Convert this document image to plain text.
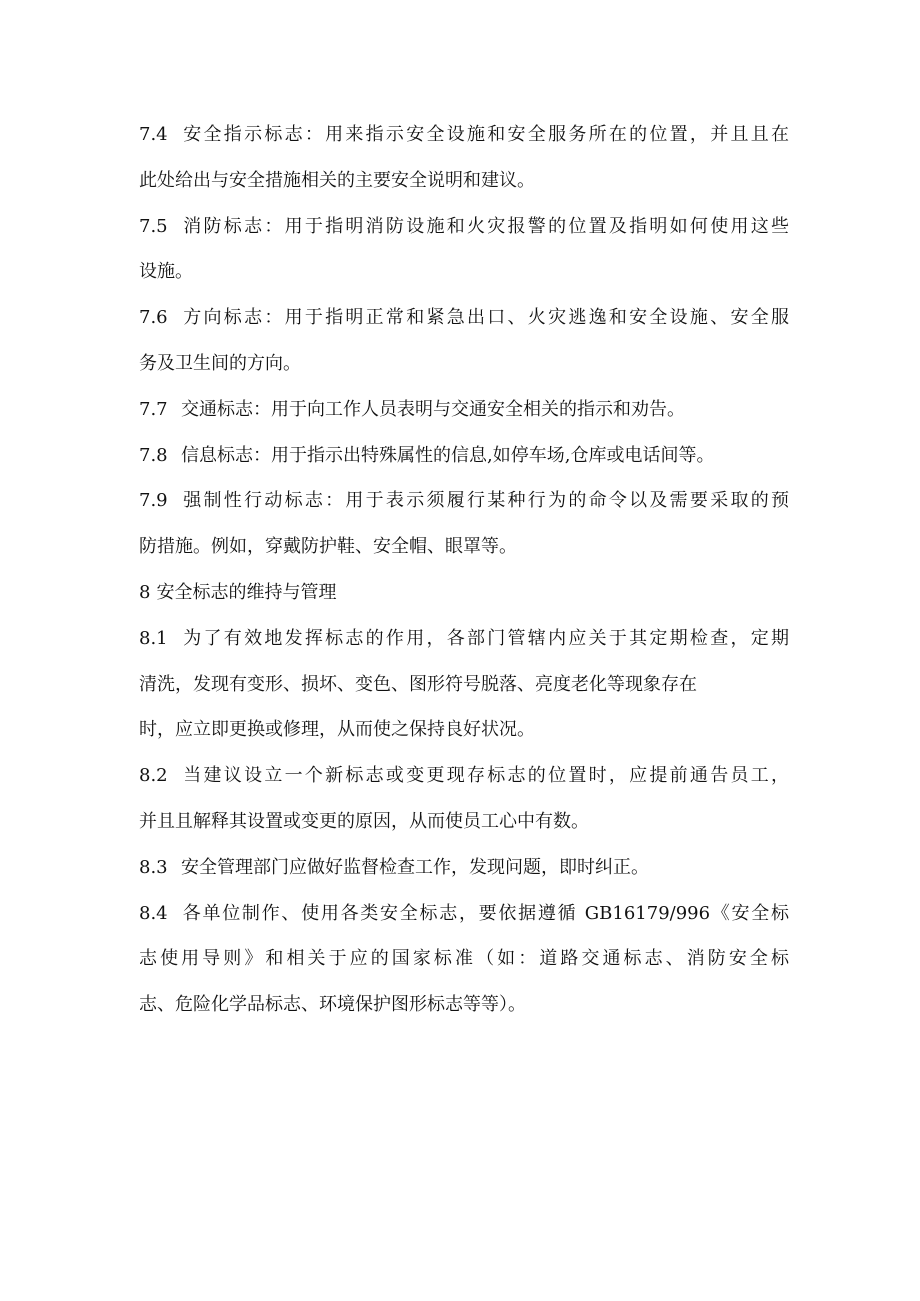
7.4 安全指示标志：用来指示安全设施和安全服务所在的位置，并且且在
此处给出与安全措施相关的主要安全说明和建议。
7.5 消防标志：用于指明消防设施和火灾报警的位置及指明如何使用这些
设施。
7.6 方向标志：用于指明正常和紧急出口、火灾逃逸和安全设施、安全服
务及卫生间的方向。
7.7 交通标志：用于向工作人员表明与交通安全相关的指示和劝告。
7.8 信息标志：用于指示出特殊属性的信息,如停车场,仓库或电话间等。
7.9 强制性行动标志：用于表示须履行某种行为的命令以及需要采取的预
防措施。例如，穿戴防护鞋、安全帽、眼罩等。
8 安全标志的维持与管理
8.1 为了有效地发挥标志的作用，各部门管辖内应关于其定期检查，定期
清洗，发现有变形、损坏、变色、图形符号脱落、亮度老化等现象存在
时，应立即更换或修理，从而使之保持良好状况。
8.2 当建议设立一个新标志或变更现存标志的位置时，应提前通告员工，
并且且解释其设置或变更的原因，从而使员工心中有数。
8.3 安全管理部门应做好监督检查工作，发现问题，即时纠正。
8.4 各单位制作、使用各类安全标志，要依据遵循 GB16179/996《安全标
志使用导则》和相关于应的国家标准（如：道路交通标志、消防安全标
志、危险化学品标志、环境保护图形标志等等）。
